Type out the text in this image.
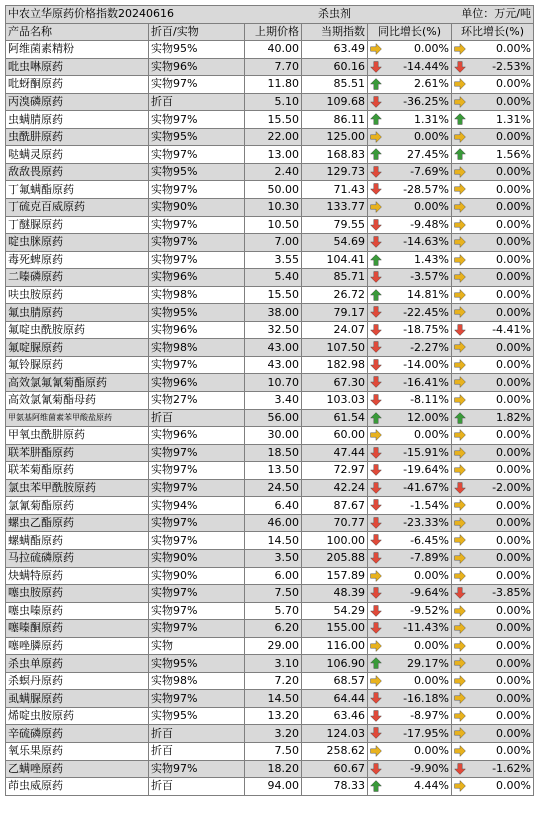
中农立华原药价格指数20240616			杀虫剂	单位：万元/吨	
产品名称	折百/实物	上期价格	当期指数	同比增长(%)	环比增长(%)
阿维菌素精粉	实物95%	40.00	63.49	0.00%	0.00%
吡虫啉原药	实物96%	7.70	60.16	-14.44%	-2.53%
吡蚜酮原药	实物97%	11.80	85.51	2.61%	0.00%
丙溴磷原药	折百	5.10	109.68	-36.25%	0.00%
虫螨腈原药	实物97%	15.50	86.11	1.31%	1.31%
虫酰肼原药	实物95%	22.00	125.00	0.00%	0.00%
哒螨灵原药	实物97%	13.00	168.83	27.45%	1.56%
敌敌畏原药	实物95%	2.40	129.73	-7.69%	0.00%
丁氟螨酯原药	实物97%	50.00	71.43	-28.57%	0.00%
丁硫克百威原药	实物90%	10.30	133.77	0.00%	0.00%
丁醚脲原药	实物97%	10.50	79.55	-9.48%	0.00%
啶虫脒原药	实物97%	7.00	54.69	-14.63%	0.00%
毒死蜱原药	实物97%	3.55	104.41	1.43%	0.00%
二嗪磷原药	实物96%	5.40	85.71	-3.57%	0.00%
呋虫胺原药	实物98%	15.50	26.72	14.81%	0.00%
氟虫腈原药	实物95%	38.00	79.17	-22.45%	0.00%
氟啶虫酰胺原药	实物96%	32.50	24.07	-18.75%	-4.41%
氟啶脲原药	实物98%	43.00	107.50	-2.27%	0.00%
氟铃脲原药	实物97%	43.00	182.98	-14.00%	0.00%
高效氯氟氰菊酯原药	实物96%	10.70	67.30	-16.41%	0.00%
高效氯氰菊酯母药	实物27%	3.40	103.03	-8.11%	0.00%
甲氨基阿维菌素苯甲酸盐原药	折百	56.00	61.54	12.00%	1.82%
甲氧虫酰肼原药	实物96%	30.00	60.00	0.00%	0.00%
联苯肼酯原药	实物97%	18.50	47.44	-15.91%	0.00%
联苯菊酯原药	实物97%	13.50	72.97	-19.64%	0.00%
氯虫苯甲酰胺原药	实物97%	24.50	42.24	-41.67%	-2.00%
氯氰菊酯原药	实物94%	6.40	87.67	-1.54%	0.00%
螺虫乙酯原药	实物97%	46.00	70.77	-23.33%	0.00%
螺螨酯原药	实物97%	14.50	100.00	-6.45%	0.00%
马拉硫磷原药	实物90%	3.50	205.88	-7.89%	0.00%
炔螨特原药	实物90%	6.00	157.89	0.00%	0.00%
噻虫胺原药	实物97%	7.50	48.39	-9.64%	-3.85%
噻虫嗪原药	实物97%	5.70	54.29	-9.52%	0.00%
噻嗪酮原药	实物97%	6.20	155.00	-11.43%	0.00%
噻唑膦原药	实物	29.00	116.00	0.00%	0.00%
杀虫单原药	实物95%	3.10	106.90	29.17%	0.00%
杀螟丹原药	实物98%	7.20	68.57	0.00%	0.00%
虱螨脲原药	实物97%	14.50	64.44	-16.18%	0.00%
烯啶虫胺原药	实物95%	13.20	63.46	-8.97%	0.00%
辛硫磷原药	折百	3.20	124.03	-17.95%	0.00%
氧乐果原药	折百	7.50	258.62	0.00%	0.00%
乙螨唑原药	实物97%	18.20	60.67	-9.90%	-1.62%
茚虫威原药	折百	94.00	78.33	4.44%	0.00%
